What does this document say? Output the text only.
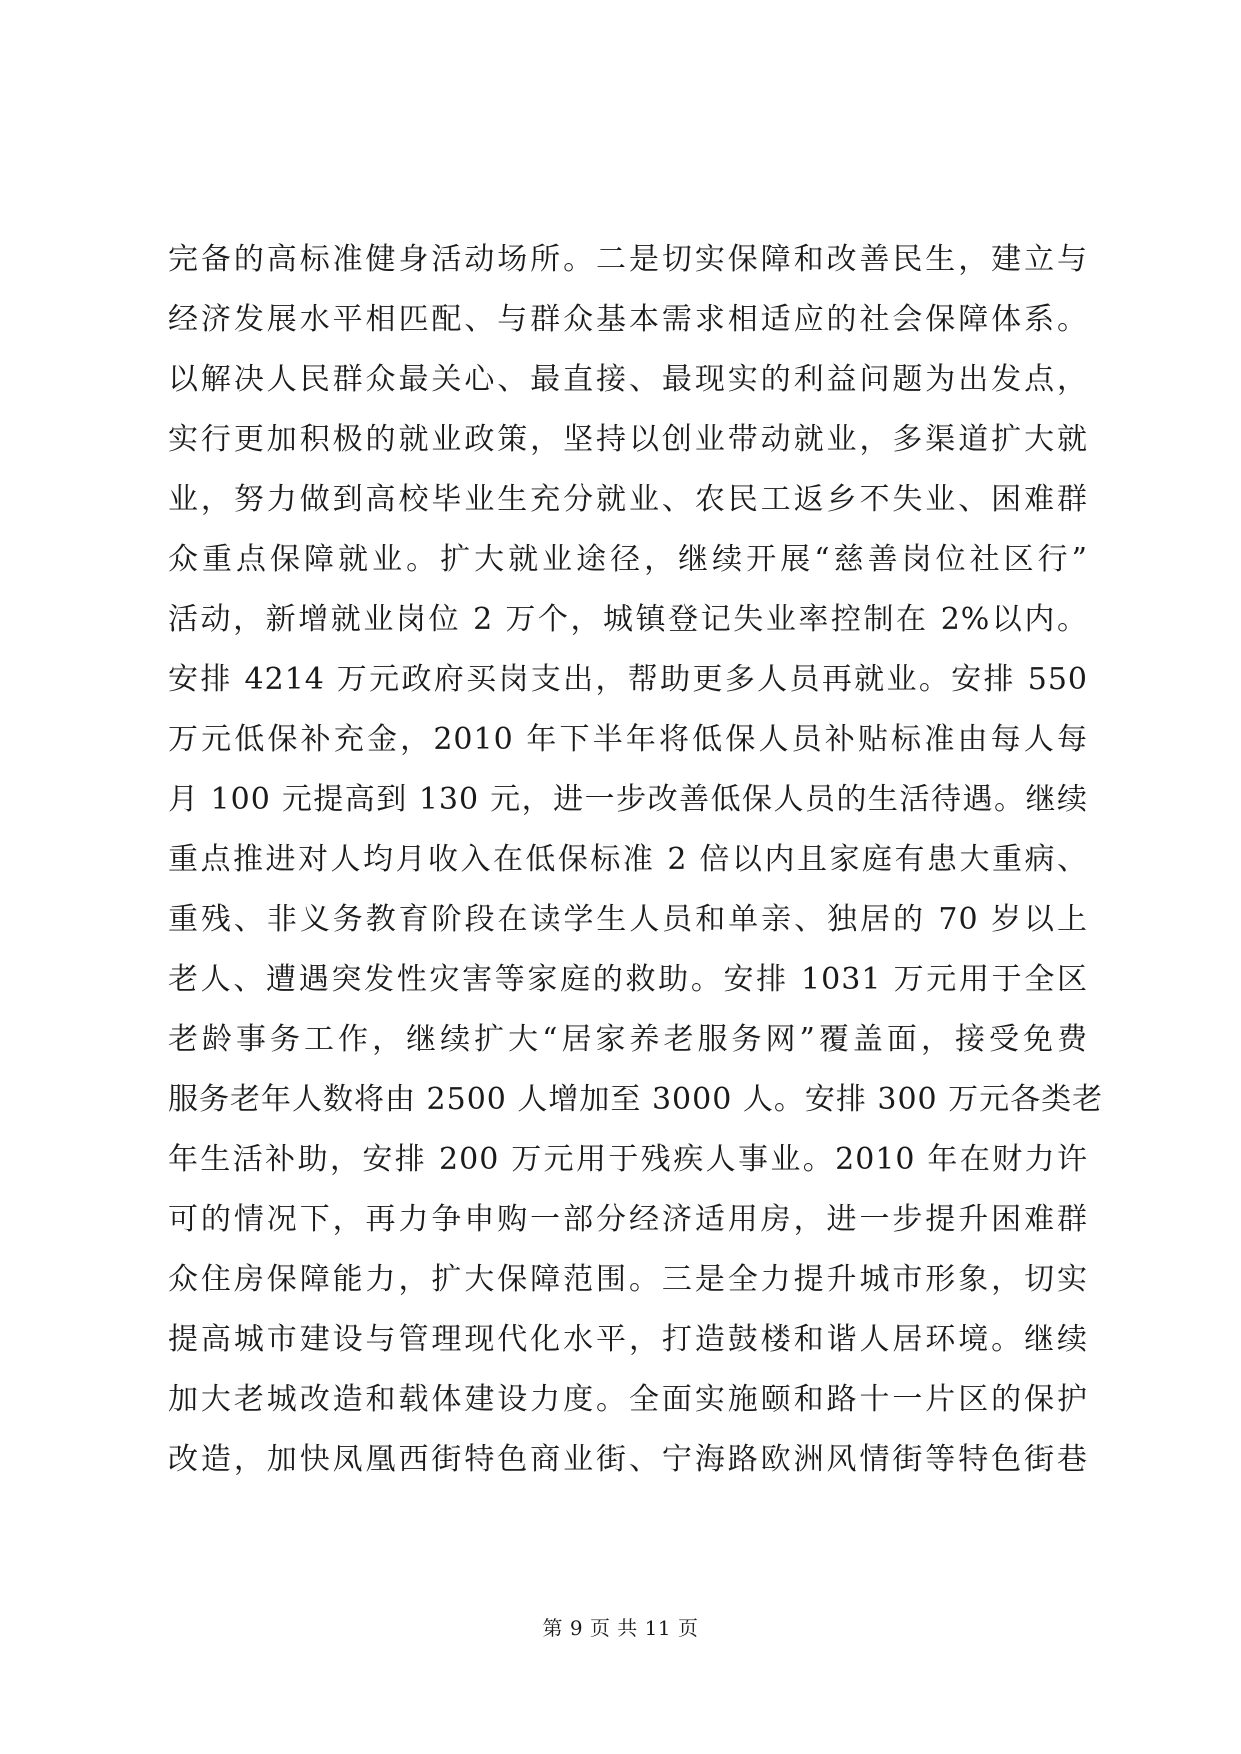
完备的高标准健身活动场所。二是切实保障和改善民生，建立与
经济发展水平相匹配、与群众基本需求相适应的社会保障体系。
以解决人民群众最关心、最直接、最现实的利益问题为出发点，
实行更加积极的就业政策，坚持以创业带动就业，多渠道扩大就
业，努力做到高校毕业生充分就业、农民工返乡不失业、困难群
众重点保障就业。扩大就业途径，继续开展“慈善岗位社区行”
活动，新增就业岗位 2 万个，城镇登记失业率控制在 2%以内。
安排 4214 万元政府买岗支出，帮助更多人员再就业。安排 550
万元低保补充金，2010 年下半年将低保人员补贴标准由每人每
月 100 元提高到 130 元，进一步改善低保人员的生活待遇。继续
重点推进对人均月收入在低保标准 2 倍以内且家庭有患大重病、
重残、非义务教育阶段在读学生人员和单亲、独居的 70 岁以上
老人、遭遇突发性灾害等家庭的救助。安排 1031 万元用于全区
老龄事务工作，继续扩大“居家养老服务网”覆盖面，接受免费
服务老年人数将由 2500 人增加至 3000 人。安排 300 万元各类老
年生活补助，安排 200 万元用于残疾人事业。2010 年在财力许
可的情况下，再力争申购一部分经济适用房，进一步提升困难群
众住房保障能力，扩大保障范围。三是全力提升城市形象，切实
提高城市建设与管理现代化水平，打造鼓楼和谐人居环境。继续
加大老城改造和载体建设力度。全面实施颐和路十一片区的保护
改造，加快凤凰西街特色商业街、宁海路欧洲风情街等特色街巷
第 9 页 共 11 页
